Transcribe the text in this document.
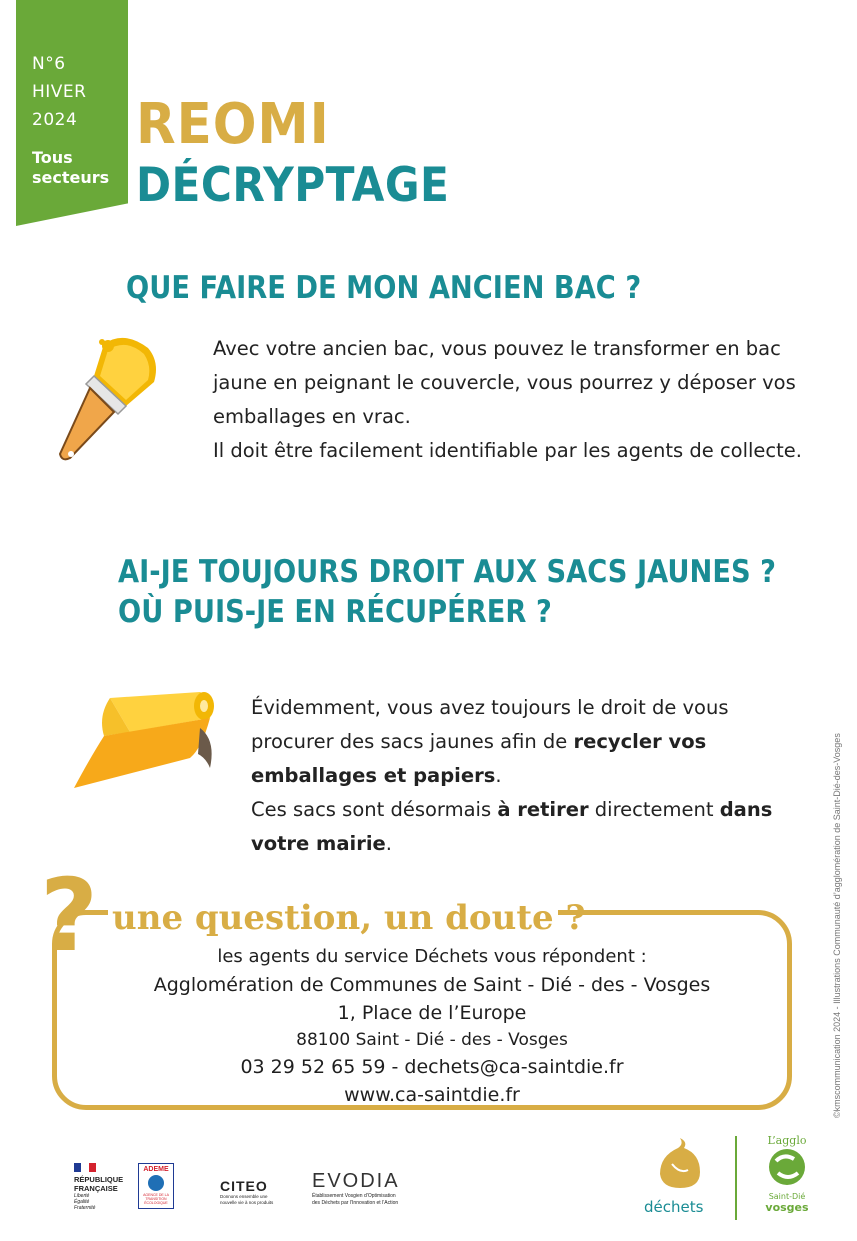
N°6
HIVER
2024
Tous
secteurs
REOMI
DÉCRYPTAGE
QUE FAIRE DE MON ANCIEN BAC ?
Avec votre ancien bac, vous pouvez le transformer en bac
jaune en peignant le couvercle, vous pourrez y déposer vos
emballages en vrac.
Il doit être facilement identifiable par les agents de collecte.
AI-JE TOUJOURS DROIT AUX SACS JAUNES ?
OÙ PUIS-JE EN RÉCUPÉRER ?
Évidemment, vous avez toujours le droit de vous
procurer des sacs jaunes afin de recycler vos
emballages et papiers.
Ces sacs sont désormais à retirer directement dans
votre mairie.
? une question, un doute ?
les agents du service Déchets vous répondent :
Agglomération de Communes de Saint - Dié - des - Vosges
1, Place de l’Europe
88100 Saint - Dié - des - Vosges
03 29 52 65 59 - dechets@ca-saintdie.fr
www.ca-saintdie.fr	©kmscommunication 2024 - Illustrations Communauté d’agglomération de Saint-Dié-des-Vosges
RÉPUBLIQUE
FRANÇAISE
Liberté
Égalité
Fraternité
ADEME
AGENCE DE LA TRANSITION ÉCOLOGIQUE
CITEO
Donnons ensemble une
nouvelle vie à nos produits
EVODIA
Établissement Vosgien d’Optimisation
des Déchets par l’Innovation et l’Action	déchets
L’agglo
Saint-Dié
vosges
